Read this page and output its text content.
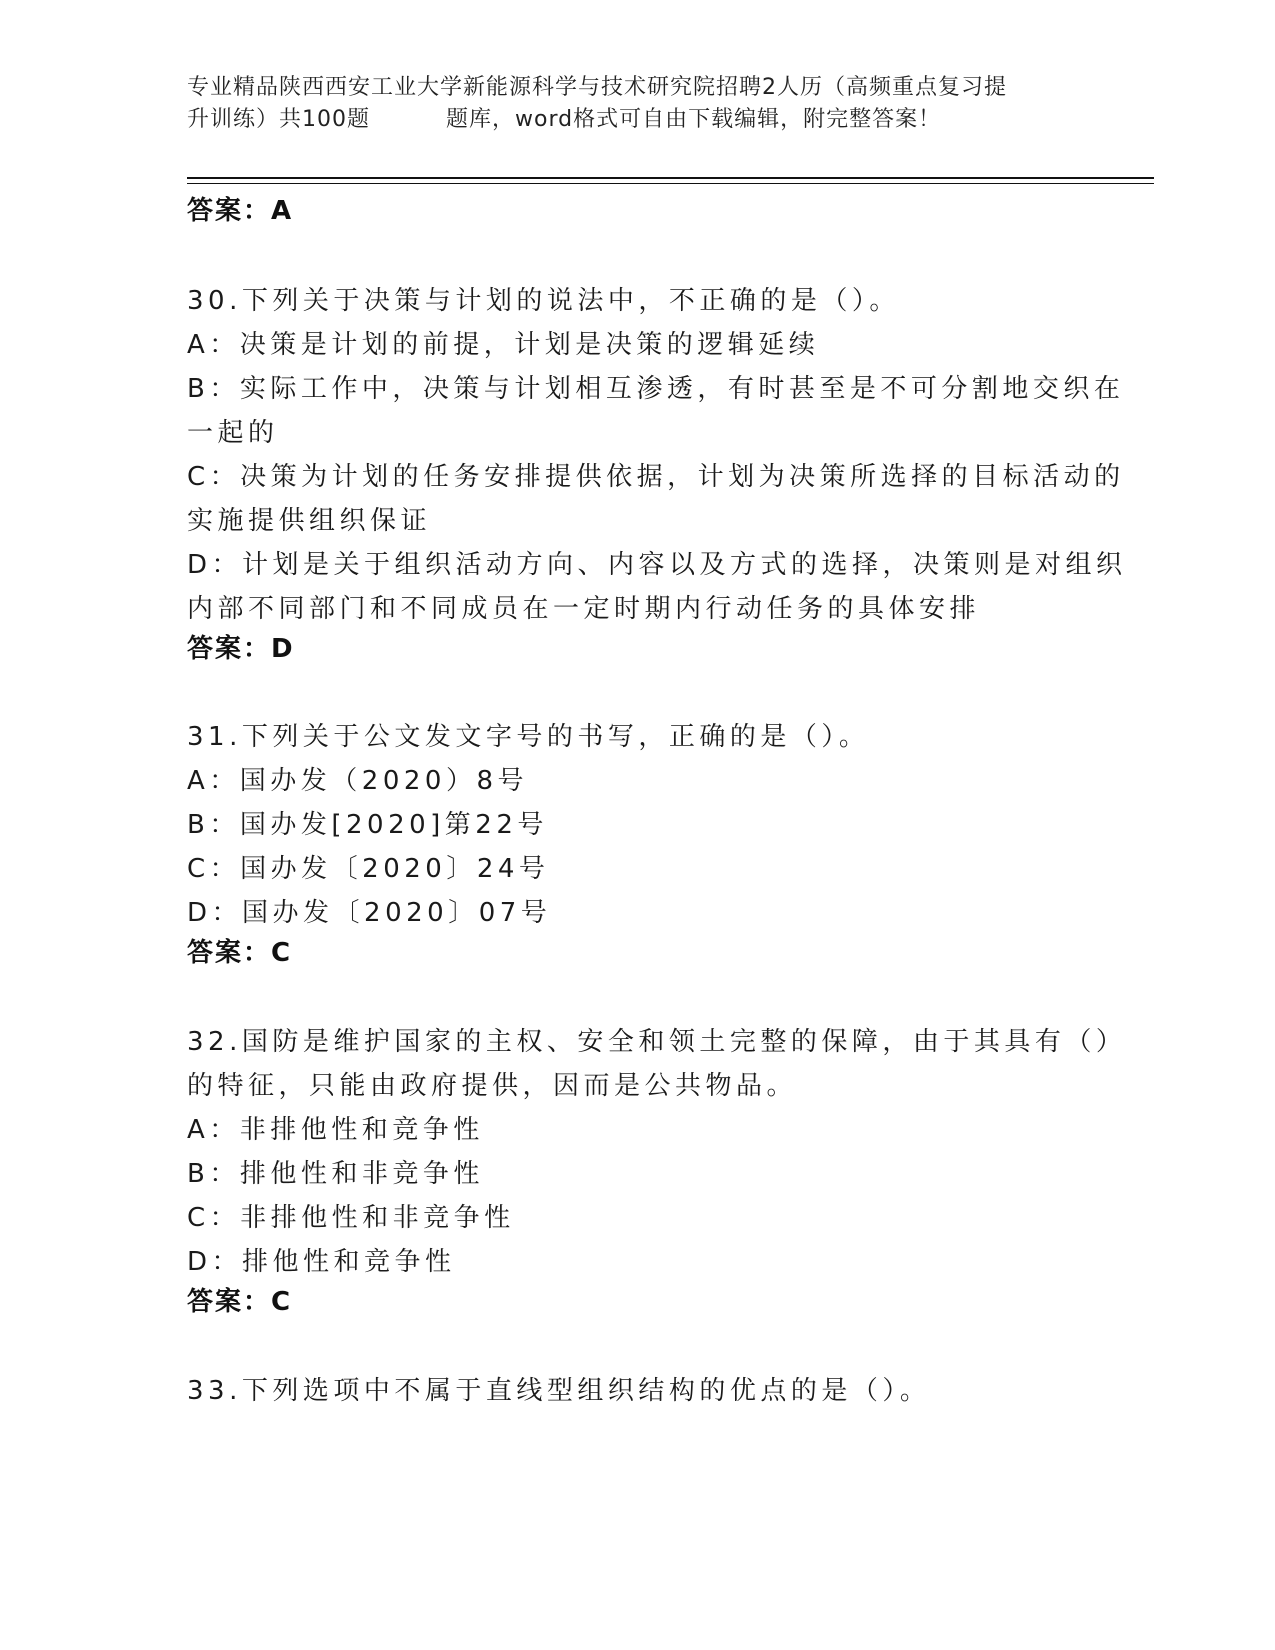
专业精品陕西西安工业大学新能源科学与技术研究院招聘2人历（高频重点复习提
升训练）共100题	题库，word格式可自由下载编辑，附完整答案！
答案：A
30.下列关于决策与计划的说法中，不正确的是（）。
A：决策是计划的前提，计划是决策的逻辑延续
B：实际工作中，决策与计划相互渗透，有时甚至是不可分割地交织在
一起的
C：决策为计划的任务安排提供依据，计划为决策所选择的目标活动的
实施提供组织保证
D：计划是关于组织活动方向、内容以及方式的选择，决策则是对组织
内部不同部门和不同成员在一定时期内行动任务的具体安排
答案：D
31.下列关于公文发文字号的书写，正确的是（）。
A：国办发（2020）8号
B：国办发[2020]第22号
C：国办发〔2020〕24号
D：国办发〔2020〕07号
答案：C
32.国防是维护国家的主权、安全和领土完整的保障，由于其具有（）
的特征，只能由政府提供，因而是公共物品。
A：非排他性和竞争性
B：排他性和非竞争性
C：非排他性和非竞争性
D：排他性和竞争性
答案：C
33.下列选项中不属于直线型组织结构的优点的是（）。
